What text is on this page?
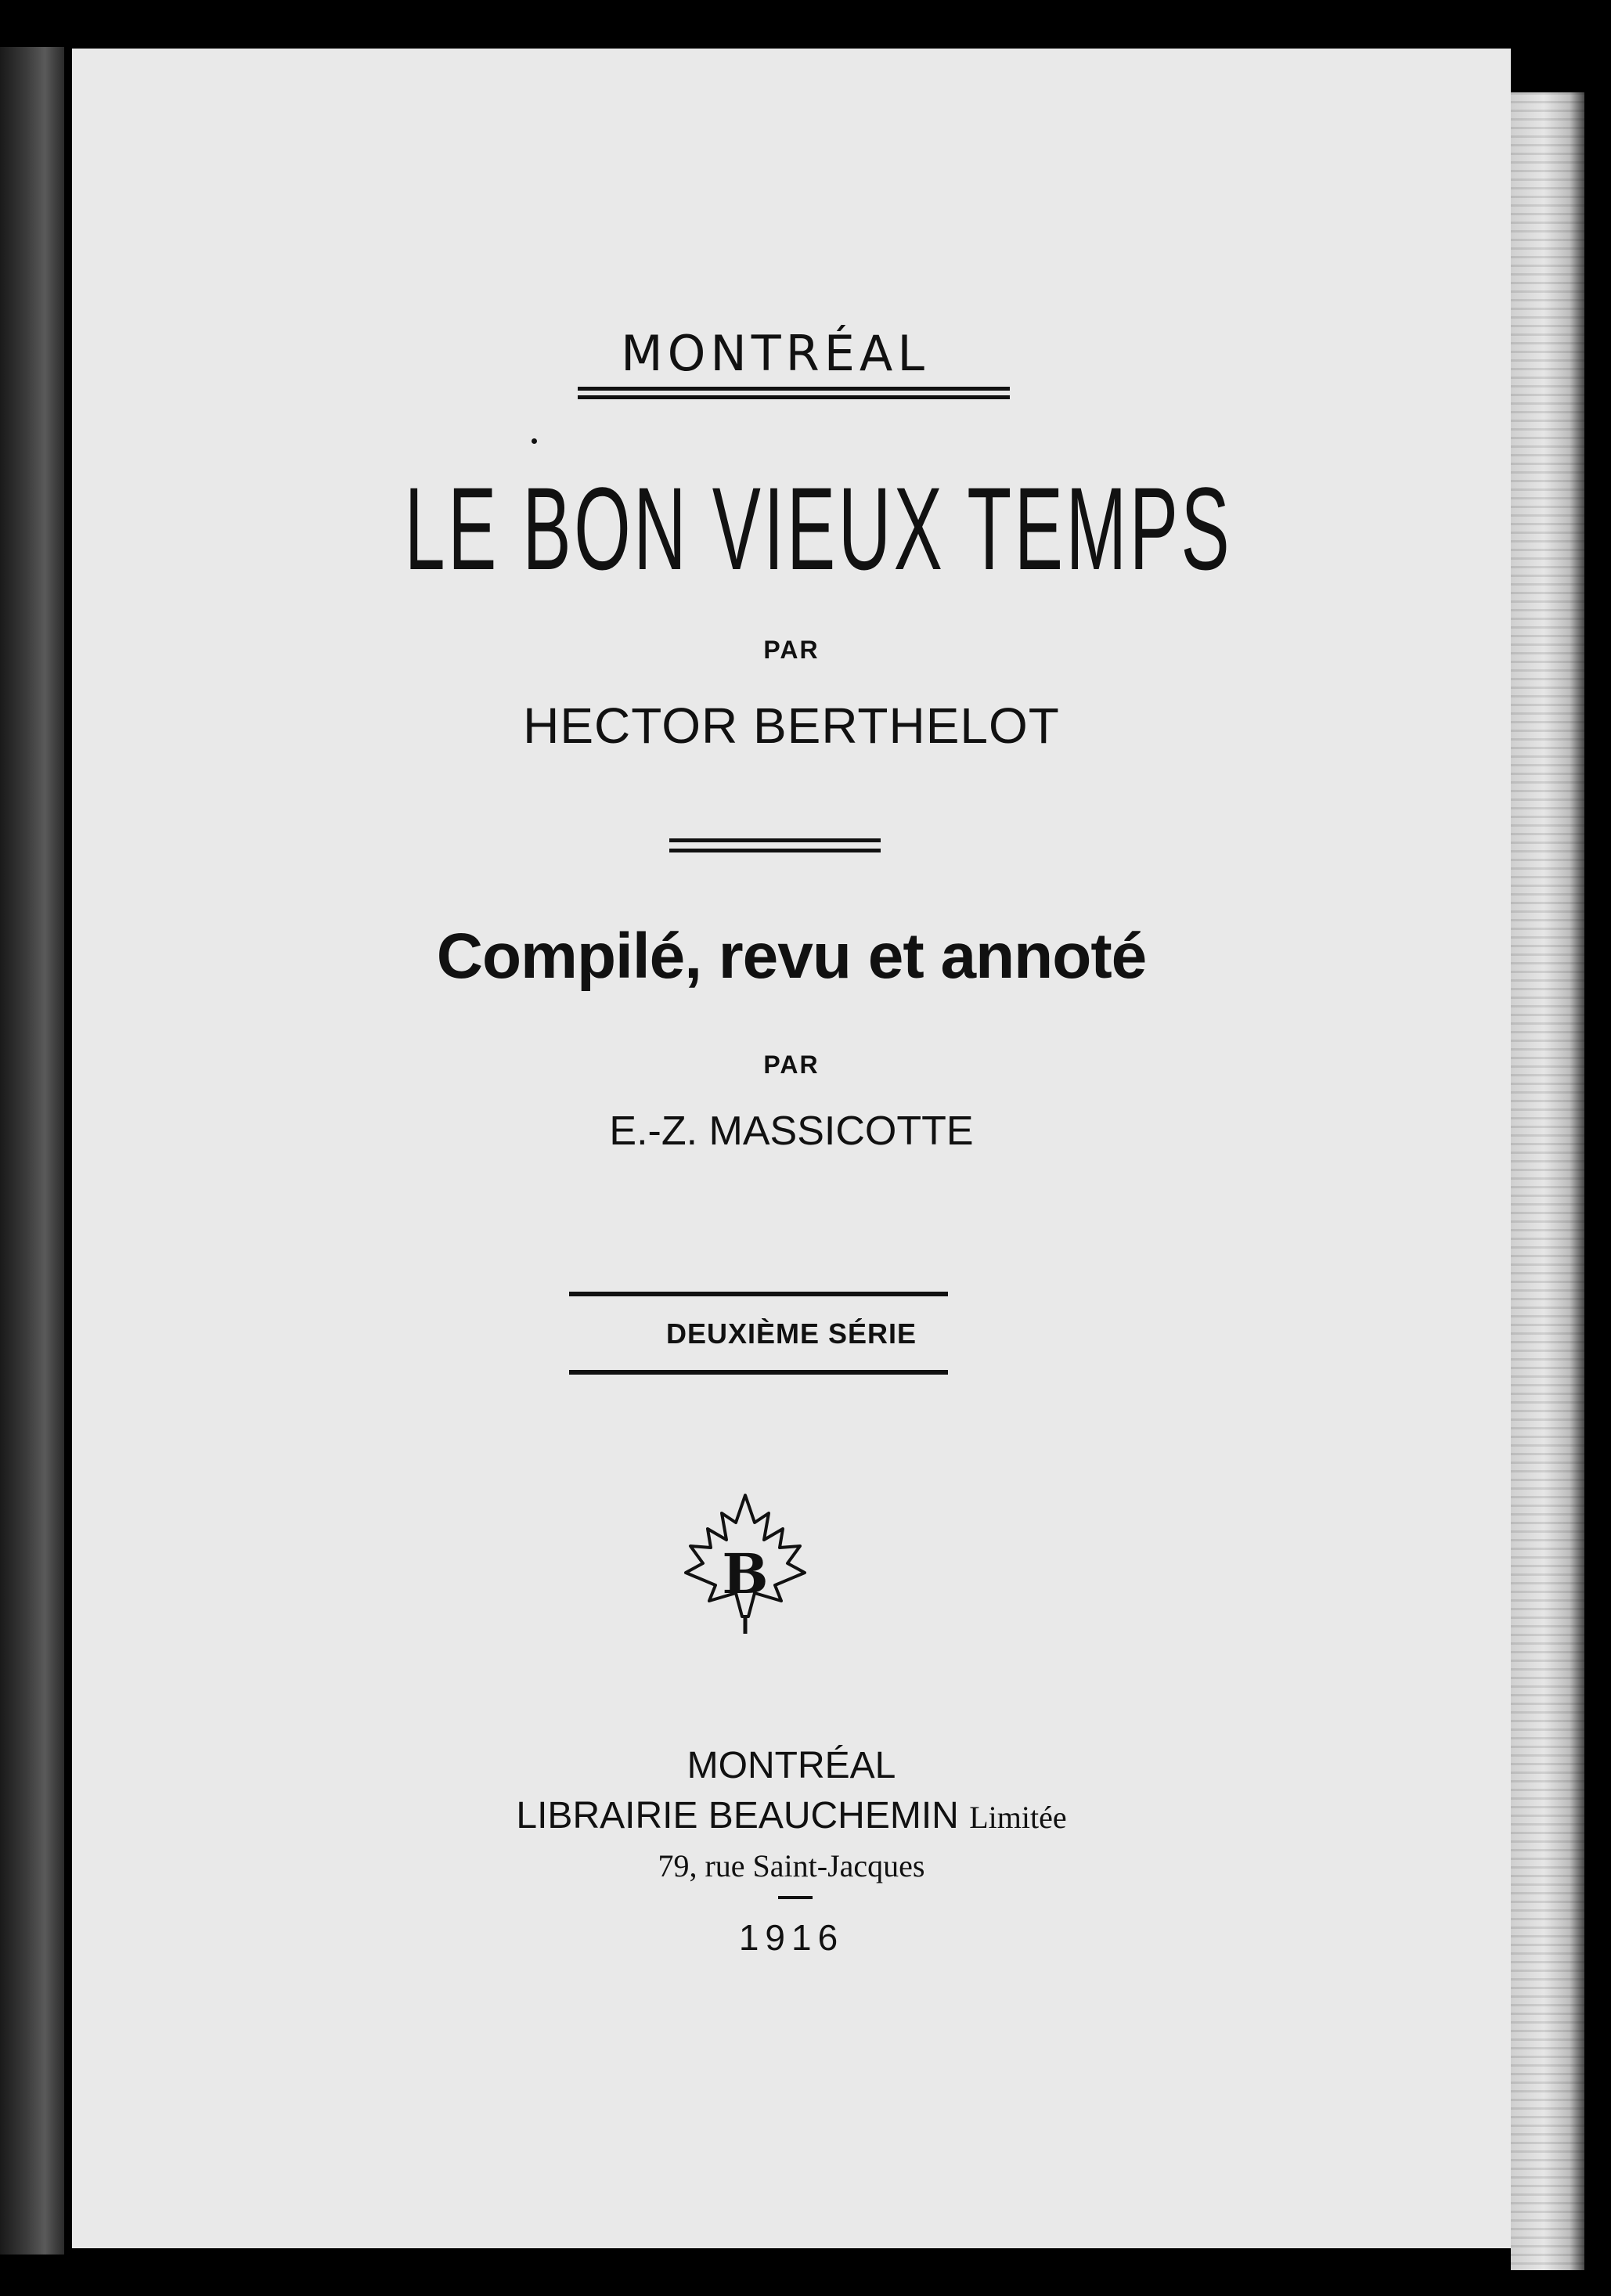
MONTRÉAL
LE BON VIEUX TEMPS
PAR
HECTOR BERTHELOT
Compilé, revu et annoté
PAR
E.-Z. MASSICOTTE
DEUXIÈME SÉRIE
B
MONTRÉAL
LIBRAIRIE BEAUCHEMIN Limitée
79, rue Saint-Jacques
1916
